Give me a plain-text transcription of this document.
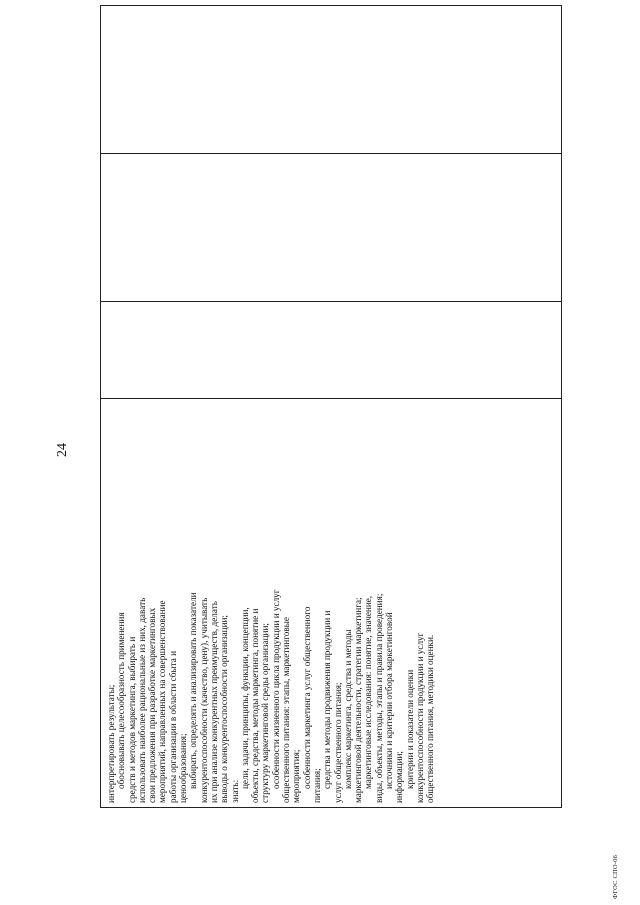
24
интерпретировать результаты; обосновывать целесообразность применения средств и методов маркетинга, выбирать и использовать наиболее рациональные из них, давать свои предложения при разработке маркетинговых мероприятий, направленных на совершенствование работы организации в области сбыта и ценообразования; выбирать, определять и анализировать показатели конкурентоспособности (качество, цену), учитывать их при анализе конкурентных преимуществ, делать выводы о конкурентоспособности организации; знать:
цели, задачи, принципы, функции, концепции, объекты, средства, методы маркетинга, понятие и структуру маркетинговой среды организации; особенности жизненного цикла продукции и услуг общественного питания: этапы, маркетинговые мероприятия; особенности маркетинга услуг общественного питания; средства и методы продвижения продукции и услуг общественного питания; комплекс маркетинга, средства и методы маркетинговой деятельности, стратегии маркетинга; маркетинговые исследования: понятие, значение, виды, объекты, методы, этапы и правила проведения; источники и критерии отбора маркетинговой информации; критерии и показатели оценки конкурентоспособности продукции и услуг общественного питания, методики оценки.
ФГОС СПО-06
